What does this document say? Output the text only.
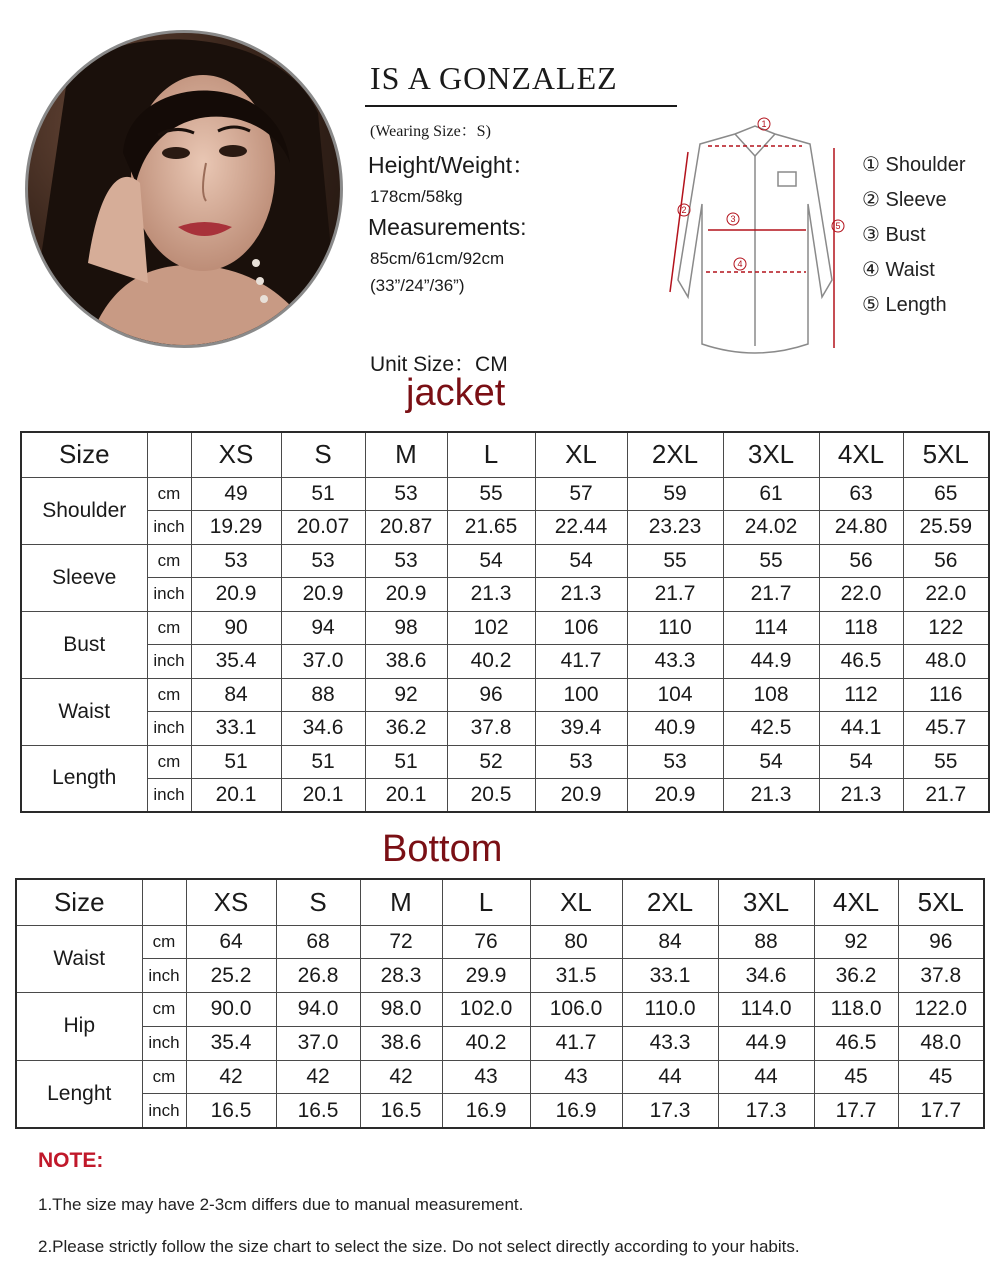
IS A GONZALEZ
(Wearing Size：S)
Height/Weight：
178cm/58kg
Measurements:
85cm/61cm/92cm
(33”/24”/36”)
1
2
3
4
5
① Shoulder
② Sleeve
③ Bust
④ Waist
⑤ Length
Unit Size：CM
jacket
Size		XS	S	M	L	XL	2XL	3XL	4XL	5XL
Shoulder	cm	49	51	53	55	57	59	61	63	65
	inch	19.29	20.07	20.87	21.65	22.44	23.23	24.02	24.80	25.59
Sleeve	cm	53	53	53	54	54	55	55	56	56
	inch	20.9	20.9	20.9	21.3	21.3	21.7	21.7	22.0	22.0
Bust	cm	90	94	98	102	106	110	114	118	122
	inch	35.4	37.0	38.6	40.2	41.7	43.3	44.9	46.5	48.0
Waist	cm	84	88	92	96	100	104	108	112	116
	inch	33.1	34.6	36.2	37.8	39.4	40.9	42.5	44.1	45.7
Length	cm	51	51	51	52	53	53	54	54	55
	inch	20.1	20.1	20.1	20.5	20.9	20.9	21.3	21.3	21.7
Bottom
Size		XS	S	M	L	XL	2XL	3XL	4XL	5XL
Waist	cm	64	68	72	76	80	84	88	92	96
	inch	25.2	26.8	28.3	29.9	31.5	33.1	34.6	36.2	37.8
Hip	cm	90.0	94.0	98.0	102.0	106.0	110.0	114.0	118.0	122.0
	inch	35.4	37.0	38.6	40.2	41.7	43.3	44.9	46.5	48.0
Lenght	cm	42	42	42	43	43	44	44	45	45
	inch	16.5	16.5	16.5	16.9	16.9	17.3	17.3	17.7	17.7
NOTE:
1.The size may have 2-3cm differs due to manual measurement.
2.Please strictly follow the size chart to select the size. Do not select directly according to your habits.
